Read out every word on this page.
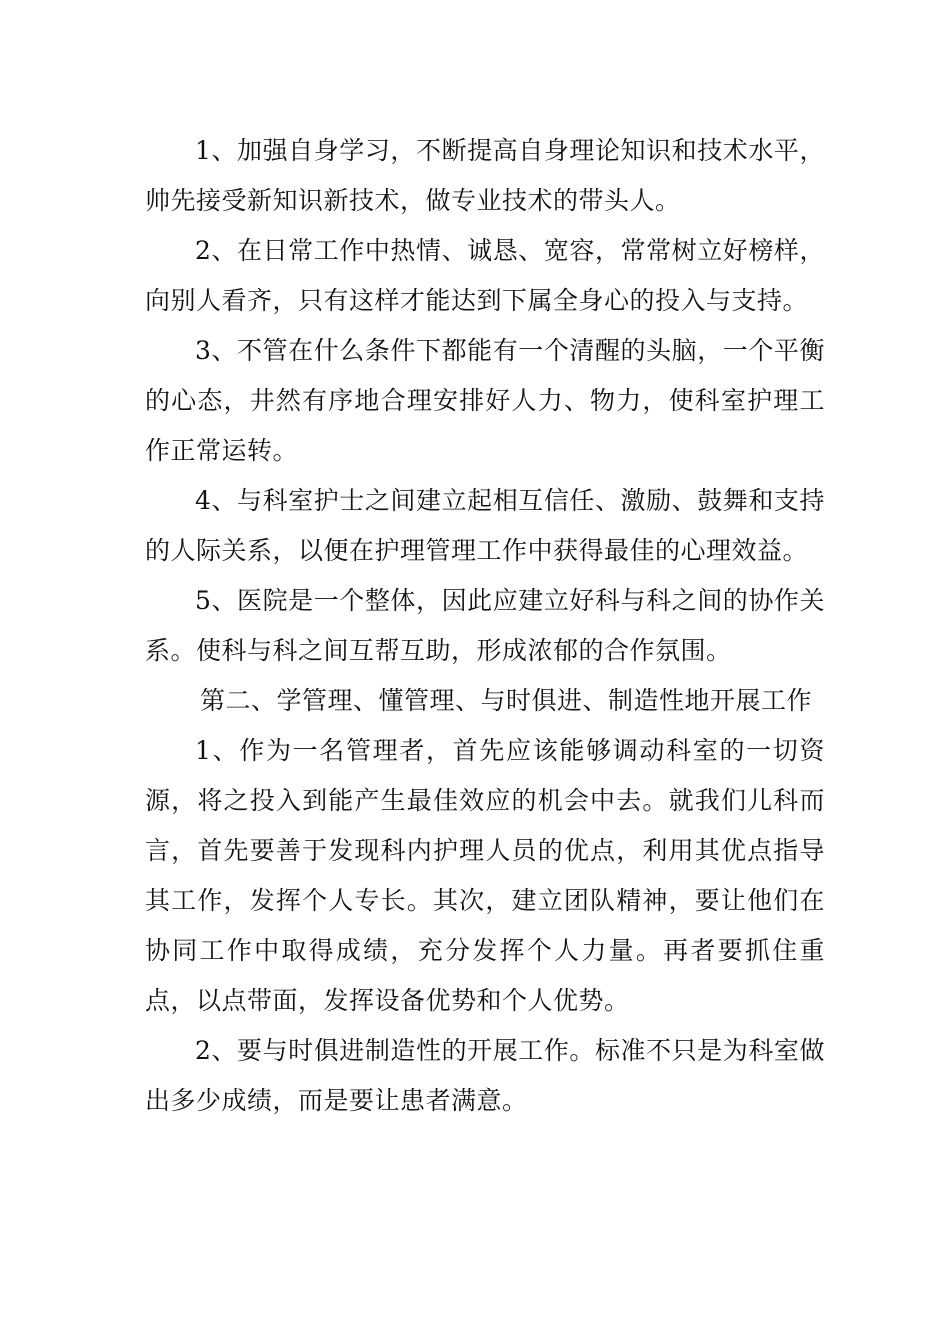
1、加强自身学习，不断提高自身理论知识和技术水平，帅先接受新知识新技术，做专业技术的带头人。

2、在日常工作中热情、诚恳、宽容，常常树立好榜样，向别人看齐，只有这样才能达到下属全身心的投入与支持。

3、不管在什么条件下都能有一个清醒的头脑，一个平衡的心态，井然有序地合理安排好人力、物力，使科室护理工作正常运转。

4、与科室护士之间建立起相互信任、激励、鼓舞和支持的人际关系，以便在护理管理工作中获得最佳的心理效益。

5、医院是一个整体，因此应建立好科与科之间的协作关系。使科与科之间互帮互助，形成浓郁的合作氛围。

第二、学管理、懂管理、与时俱进、制造性地开展工作

1、作为一名管理者，首先应该能够调动科室的一切资源，将之投入到能产生最佳效应的机会中去。就我们儿科而言，首先要善于发现科内护理人员的优点，利用其优点指导其工作，发挥个人专长。其次，建立团队精神，要让他们在协同工作中取得成绩，充分发挥个人力量。再者要抓住重点，以点带面，发挥设备优势和个人优势。

2、要与时俱进制造性的开展工作。标准不只是为科室做出多少成绩，而是要让患者满意。
